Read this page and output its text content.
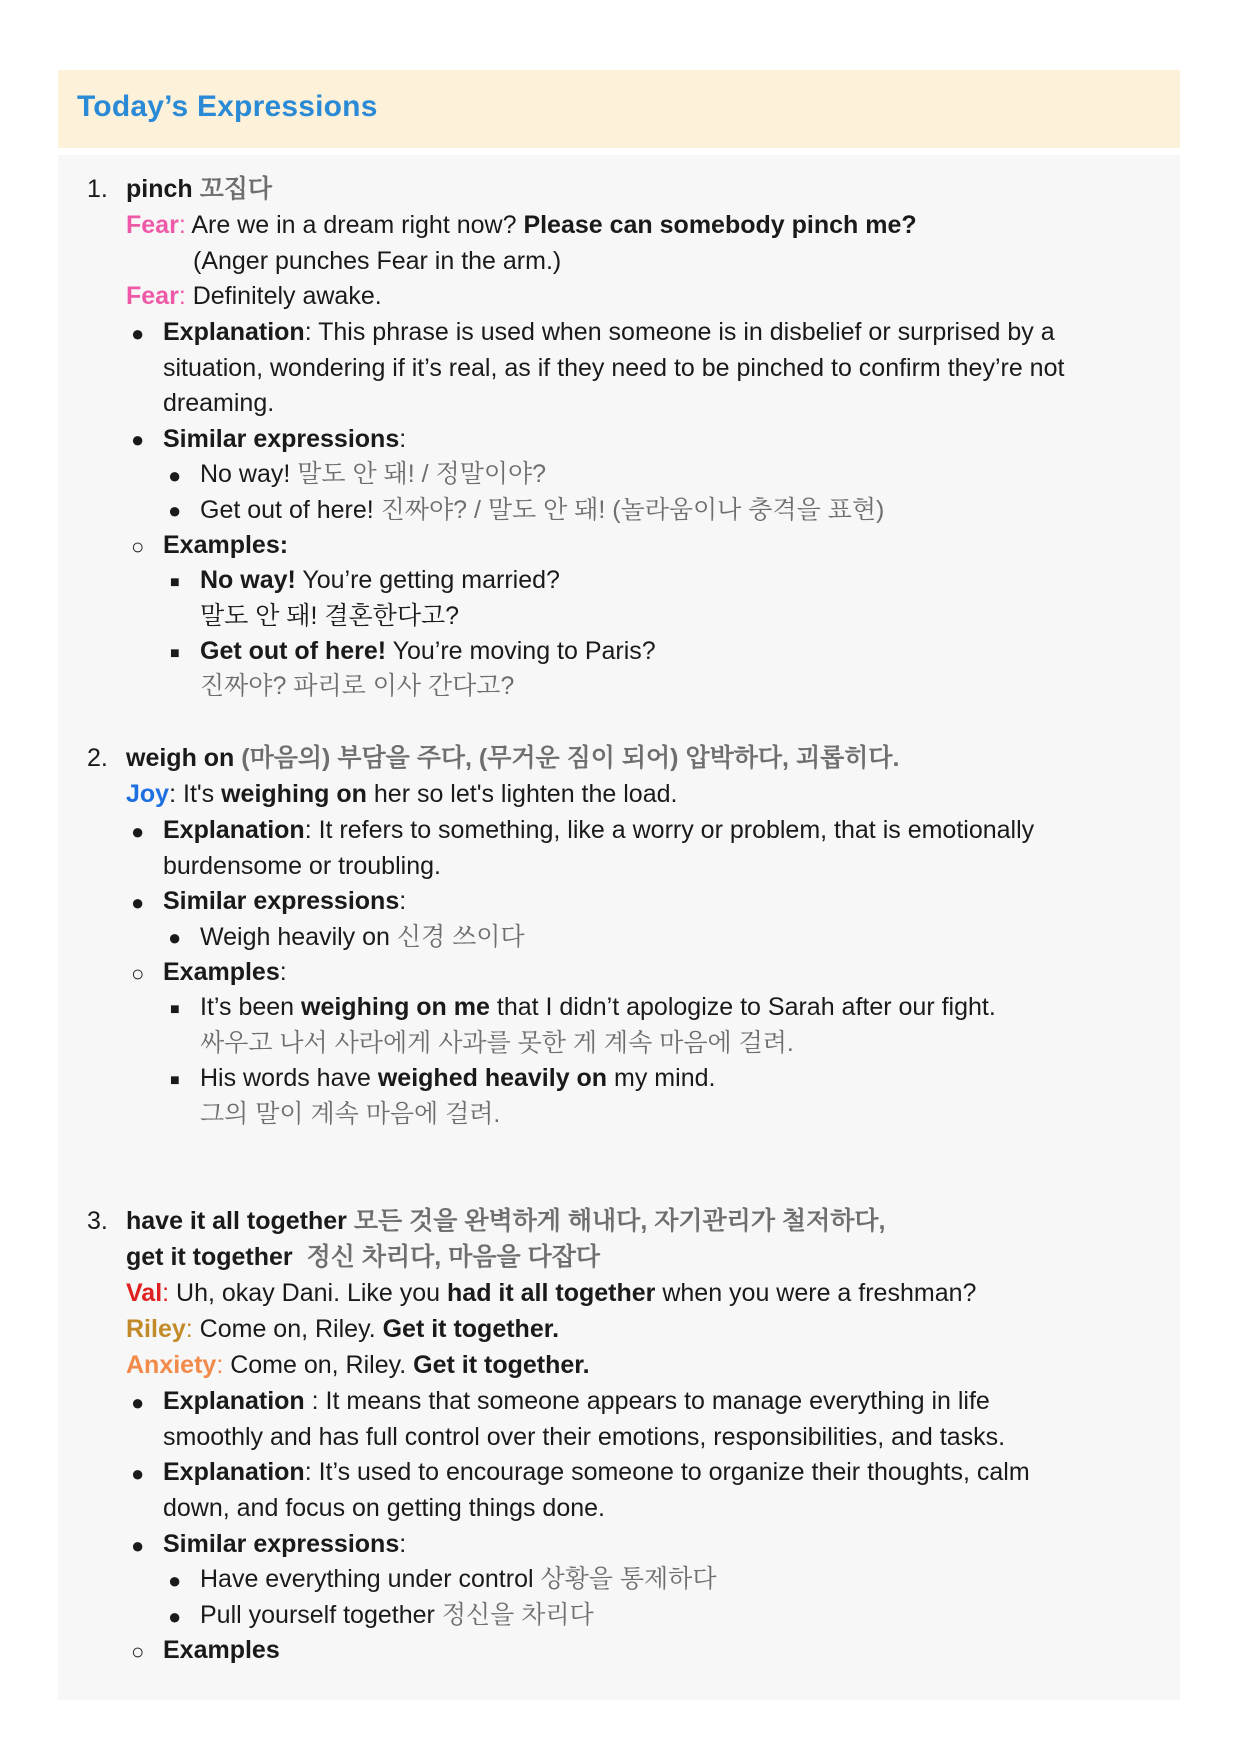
Today’s Expressions
1. pinch 꼬집다
Fear: Are we in a dream right now? Please can somebody pinch me?
(Anger punches Fear in the arm.)
Fear: Definitely awake.
● Explanation: This phrase is used when someone is in disbelief or surprised by a
situation, wondering if it’s real, as if they need to be pinched to confirm they’re not
dreaming.
● Similar expressions:
● No way! 말도 안 돼! / 정말이야?
● Get out of here! 진짜야? / 말도 안 돼! (놀라움이나 충격을 표현)
○ Examples:
■ No way! You’re getting married?
말도 안 돼! 결혼한다고?
■ Get out of here! You’re moving to Paris?
진짜야? 파리로 이사 간다고?
2. weigh on (마음의) 부담을 주다, (무거운 짐이 되어) 압박하다, 괴롭히다.
Joy: It's weighing on her so let's lighten the load.
● Explanation: It refers to something, like a worry or problem, that is emotionally
burdensome or troubling.
● Similar expressions:
● Weigh heavily on 신경 쓰이다
○ Examples:
■ It’s been weighing on me that I didn’t apologize to Sarah after our fight.
싸우고 나서 사라에게 사과를 못한 게 계속 마음에 걸려.
■ His words have weighed heavily on my mind.
그의 말이 계속 마음에 걸려.
3. have it all together 모든 것을 완벽하게 해내다, 자기관리가 철저하다,
get it together 정신 차리다, 마음을 다잡다
Val: Uh, okay Dani. Like you had it all together when you were a freshman?
Riley: Come on, Riley. Get it together.
Anxiety: Come on, Riley. Get it together.
● Explanation : It means that someone appears to manage everything in life
smoothly and has full control over their emotions, responsibilities, and tasks.
● Explanation: It’s used to encourage someone to organize their thoughts, calm
down, and focus on getting things done.
● Similar expressions:
● Have everything under control 상황을 통제하다
● Pull yourself together 정신을 차리다
○ Examples
